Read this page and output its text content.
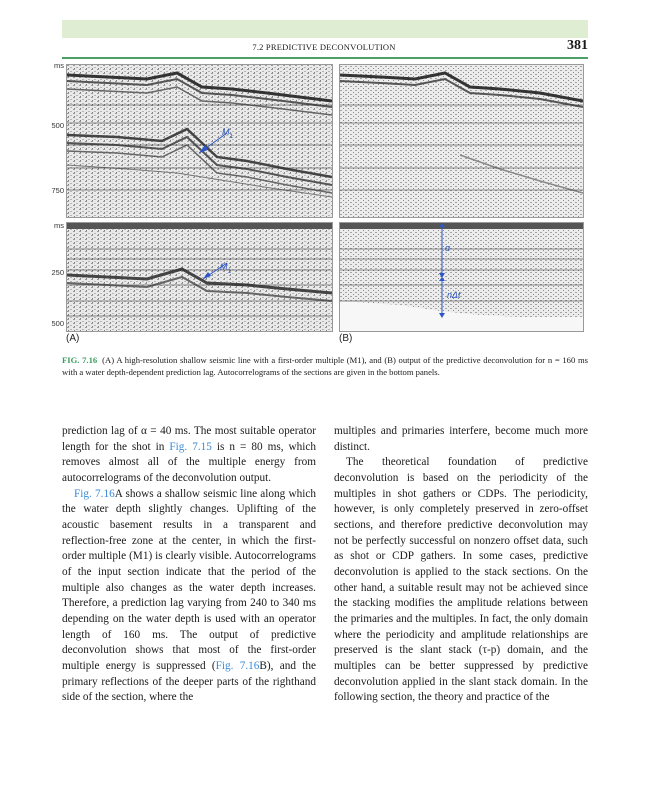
7.2 PREDICTIVE DECONVOLUTION	381
ms
500
750
ms
250
500
$M_1$
$M_1$
α
nΔt
(A)	(B)
FIG. 7.16 (A) A high-resolution shallow seismic line with a first-order multiple (M1), and (B) output of the predictive deconvolution for n = 160 ms with a water depth-dependent prediction lag. Autocorrelograms of the sections are given in the bottom panels.

prediction lag of α = 40 ms. The most suitable operator length for the shot in Fig. 7.15 is n = 80 ms, which removes almost all of the multiple energy from autocorrelograms of the deconvolution output.

Fig. 7.16A shows a shallow seismic line along which the water depth slightly changes. Uplifting of the acoustic basement results in a transparent and reflection-free zone at the center, in which the first-order multiple (M1) is clearly visible. Autocorrelograms of the input section indicate that the period of the multiple also changes as the water depth increases. Therefore, a prediction lag varying from 240 to 340 ms depending on the water depth is used with an operator length of 160 ms. The output of predictive deconvolution shows that most of the first-order multiple energy is suppressed (Fig. 7.16B), and the primary reflections of the deeper parts of the righthand side of the section, where the

multiples and primaries interfere, become much more distinct.

The theoretical foundation of predictive deconvolution is based on the periodicity of the multiples in shot gathers or CDPs. The periodicity, however, is only completely preserved in zero-offset sections, and therefore predictive deconvolution may not be perfectly successful on nonzero offset data, such as shot or CDP gathers. In some cases, predictive deconvolution is applied to the stack sections. On the other hand, a suitable result may not be achieved since the stacking modifies the amplitude relations between the primaries and the multiples. In fact, the only domain where the periodicity and amplitude relationships are preserved is the slant stack (τ-p) domain, and the multiples can be better suppressed by predictive deconvolution applied in the slant stack domain. In the following section, the theory and practice of the
